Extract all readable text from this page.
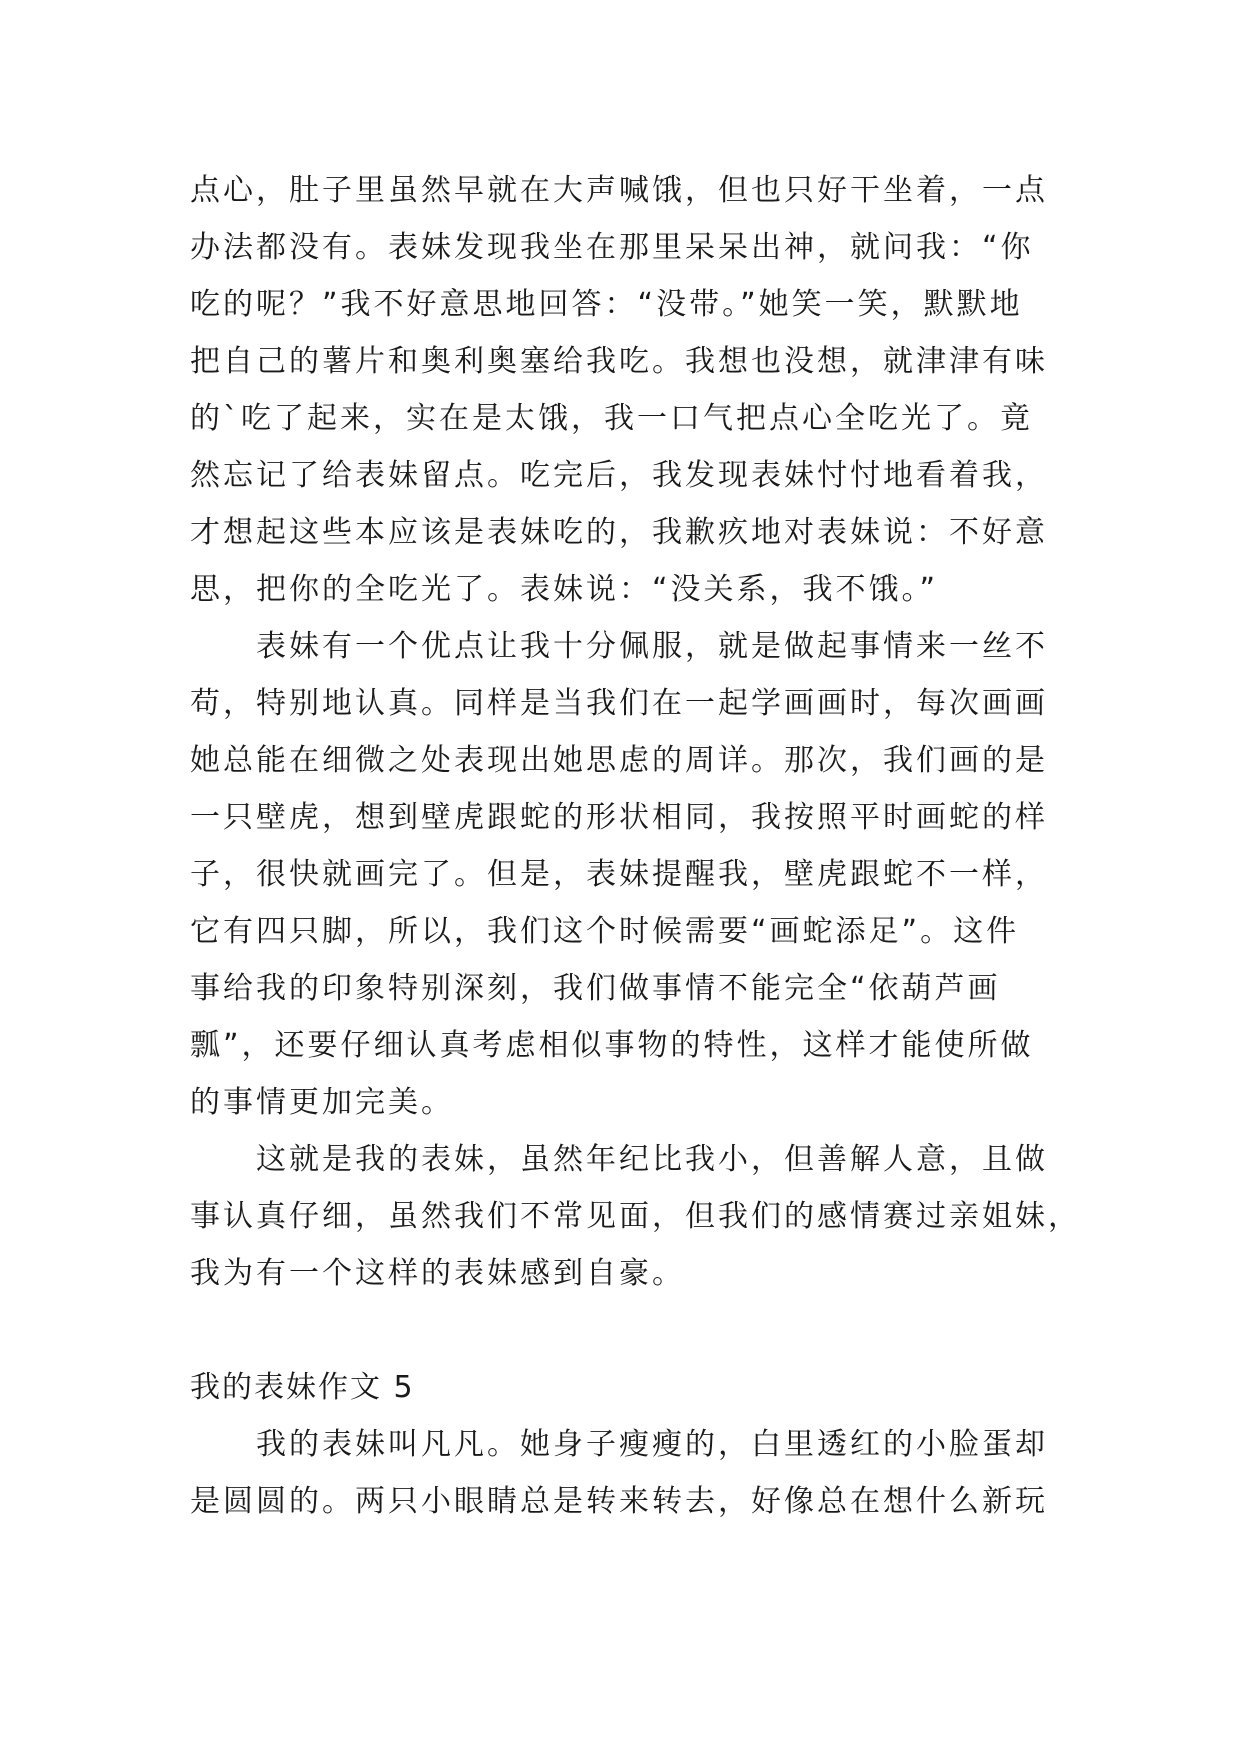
点心，肚子里虽然早就在大声喊饿，但也只好干坐着，一点
办法都没有。表妹发现我坐在那里呆呆出神，就问我：“你
吃的呢？”我不好意思地回答：“没带。”她笑一笑，默默地
把自己的薯片和奥利奥塞给我吃。我想也没想，就津津有味
的`吃了起来，实在是太饿，我一口气把点心全吃光了。竟
然忘记了给表妹留点。吃完后，我发现表妹忖忖地看着我，
才想起这些本应该是表妹吃的，我歉疚地对表妹说：不好意
思，把你的全吃光了。表妹说：“没关系，我不饿。”
　　表妹有一个优点让我十分佩服，就是做起事情来一丝不
苟，特别地认真。同样是当我们在一起学画画时，每次画画
她总能在细微之处表现出她思虑的周详。那次，我们画的是
一只壁虎，想到壁虎跟蛇的形状相同，我按照平时画蛇的样
子，很快就画完了。但是，表妹提醒我，壁虎跟蛇不一样，
它有四只脚，所以，我们这个时候需要“画蛇添足”。这件
事给我的印象特别深刻，我们做事情不能完全“依葫芦画
瓢”，还要仔细认真考虑相似事物的特性，这样才能使所做
的事情更加完美。
　　这就是我的表妹，虽然年纪比我小，但善解人意，且做
事认真仔细，虽然我们不常见面，但我们的感情赛过亲姐妹，
我为有一个这样的表妹感到自豪。
我的表妹作文 5
　　我的表妹叫凡凡。她身子瘦瘦的，白里透红的小脸蛋却
是圆圆的。两只小眼睛总是转来转去，好像总在想什么新玩
